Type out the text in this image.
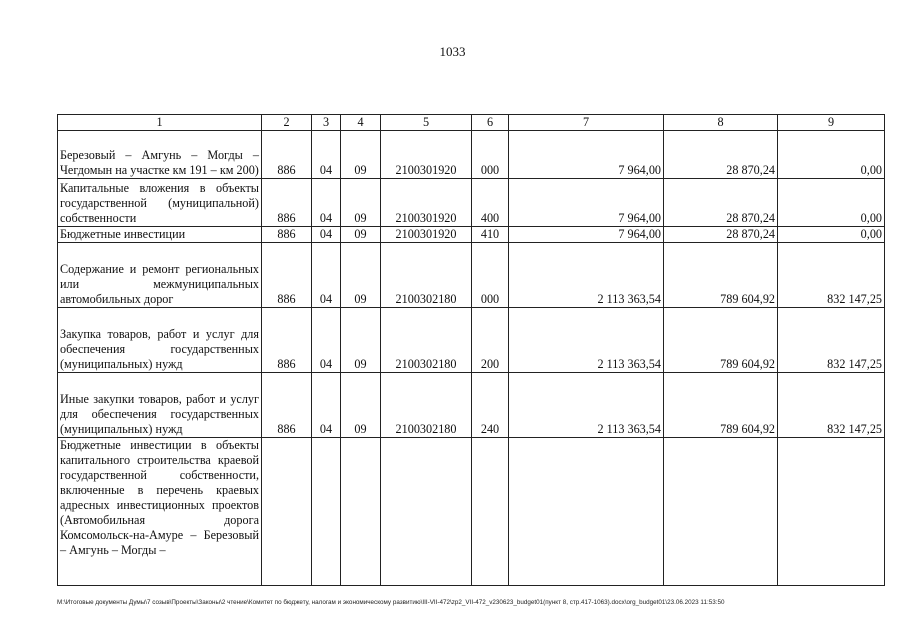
1033
1	2	3	4	5	6	7	8	9
Березовый – Амгунь – Могды – Чегдомын на участке км 191 – км 200)	886	04	09	2100301920	000	7 964,00	28 870,24	0,00
Капитальные вложения в объекты государственной (муниципальной) собственности	886	04	09	2100301920	400	7 964,00	28 870,24	0,00
Бюджетные инвестиции	886	04	09	2100301920	410	7 964,00	28 870,24	0,00
Содержание и ремонт региональных или межмуниципальных автомобильных дорог	886	04	09	2100302180	000	2 113 363,54	789 604,92	832 147,25
Закупка товаров, работ и услуг для обеспечения государственных (муниципальных) нужд	886	04	09	2100302180	200	2 113 363,54	789 604,92	832 147,25
Иные закупки товаров, работ и услуг для обеспечения государственных (муниципальных) нужд	886	04	09	2100302180	240	2 113 363,54	789 604,92	832 147,25
Бюджетные инвестиции в объекты капитального строительства краевой государственной собственности, включенные в перечень краевых адресных инвестиционных проектов (Автомобильная дорога Комсомольск-на-Амуре – Березовый – Амгунь – Могды –								
M:\Итоговые документы Думы\7 созыв\Проекты\Законы\2 чтение\Комитет по бюджету, налогам и экономическому развитию\III-VII-472\zp2_VII-472_v230623_budget01(пункт 8, стр.417-1063).docx\org_budget01\23.06.2023 11:53:50
